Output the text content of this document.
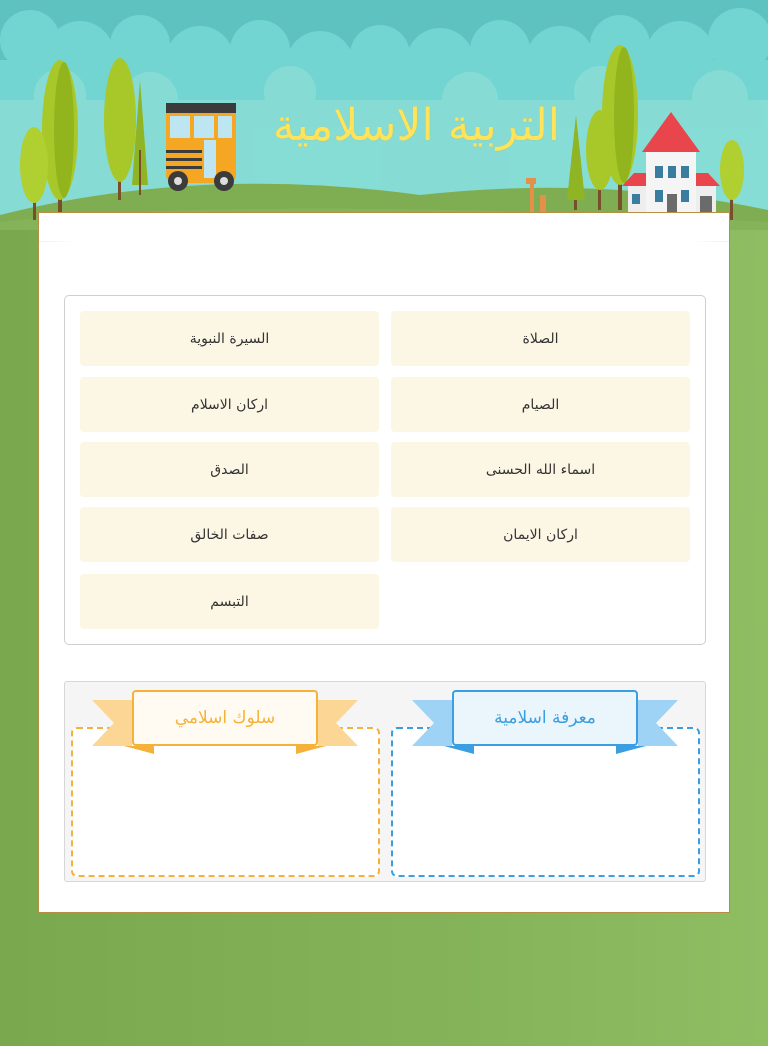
التربية الاسلامية
الصلاة
السيرة النبوية
الصيام
اركان الاسلام
اسماء الله الحسنى
الصدق
اركان الايمان
صفات الخالق
التبسم
معرفة اسلامية
سلوك اسلامي
